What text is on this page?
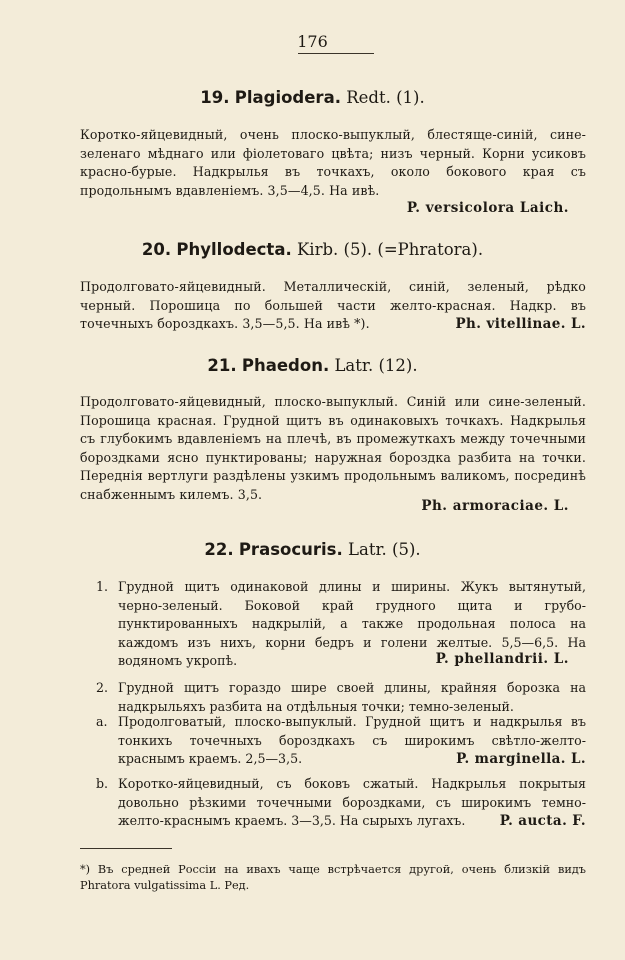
176
19. Plagiodera. Redt. (1).
Коротко-яйцевидный, очень плоско-выпуклый, блестяще-синій, сине-зеленаго мѣднаго или фіолетоваго цвѣта; низъ черный. Корни усиковъ красно-бурые. Надкрылья въ точкахъ, около бокового края съ продольнымъ вдавленіемъ. 3,5—4,5. На ивѣ.
P. versicolora Laich.
20. Phyllodecta. Kirb. (5). (=Phratora).
Продолговато-яйцевидный. Металлическій, синій, зеленый, рѣдко черный. Порошица по большей части желто-красная. Надкр. въ точечныхъ бороздкахъ. 3,5—5,5. На ивѣ *).	Ph. vitellinae. L.
21. Phaedon. Latr. (12).
Продолговато-яйцевидный, плоско-выпуклый. Синій или сине-зеленый. Порошица красная. Грудной щитъ въ одинаковыхъ точкахъ. Надкрылья съ глубокимъ вдавленіемъ на плечѣ, въ промежуткахъ между точечными бороздками ясно пунктированы; наружная бороздка разбита на точки. Переднія вертлуги раздѣлены узкимъ продольнымъ валикомъ, посрединѣ снабженнымъ килемъ. 3,5.
Ph. armoraciae. L.
22. Prasocuris. Latr. (5).
1. Грудной щитъ одинаковой длины и ширины. Жукъ вытянутый, черно-зеленый. Боковой край грудного щита и грубо-пунктированныхъ надкрылій, а также продольная полоса на каждомъ изъ нихъ, корни бедръ и голени желтые. 5,5—6,5. На водяномъ укропѣ.	P. phellandrii. L.
2. Грудной щитъ гораздо шире своей длины, крайняя борозка на надкрыльяхъ разбита на отдѣльныя точки; темно-зеленый.
a. Продолговатый, плоско-выпуклый. Грудной щитъ и надкрылья въ тонкихъ точечныхъ бороздкахъ съ широкимъ свѣтло-желто-краснымъ краемъ. 2,5—3,5.	P. marginella. L.
b. Коротко-яйцевидный, съ боковъ сжатый. Надкрылья покрытыя довольно рѣзкими точечными бороздками, съ широкимъ темно-желто-краснымъ краемъ. 3—3,5. На сырыхъ лугахъ.	P. aucta. F.
*) Въ средней Россіи на ивахъ чаще встрѣчается другой, очень близкій видъ Phratora vulgatissima L. Ред.
